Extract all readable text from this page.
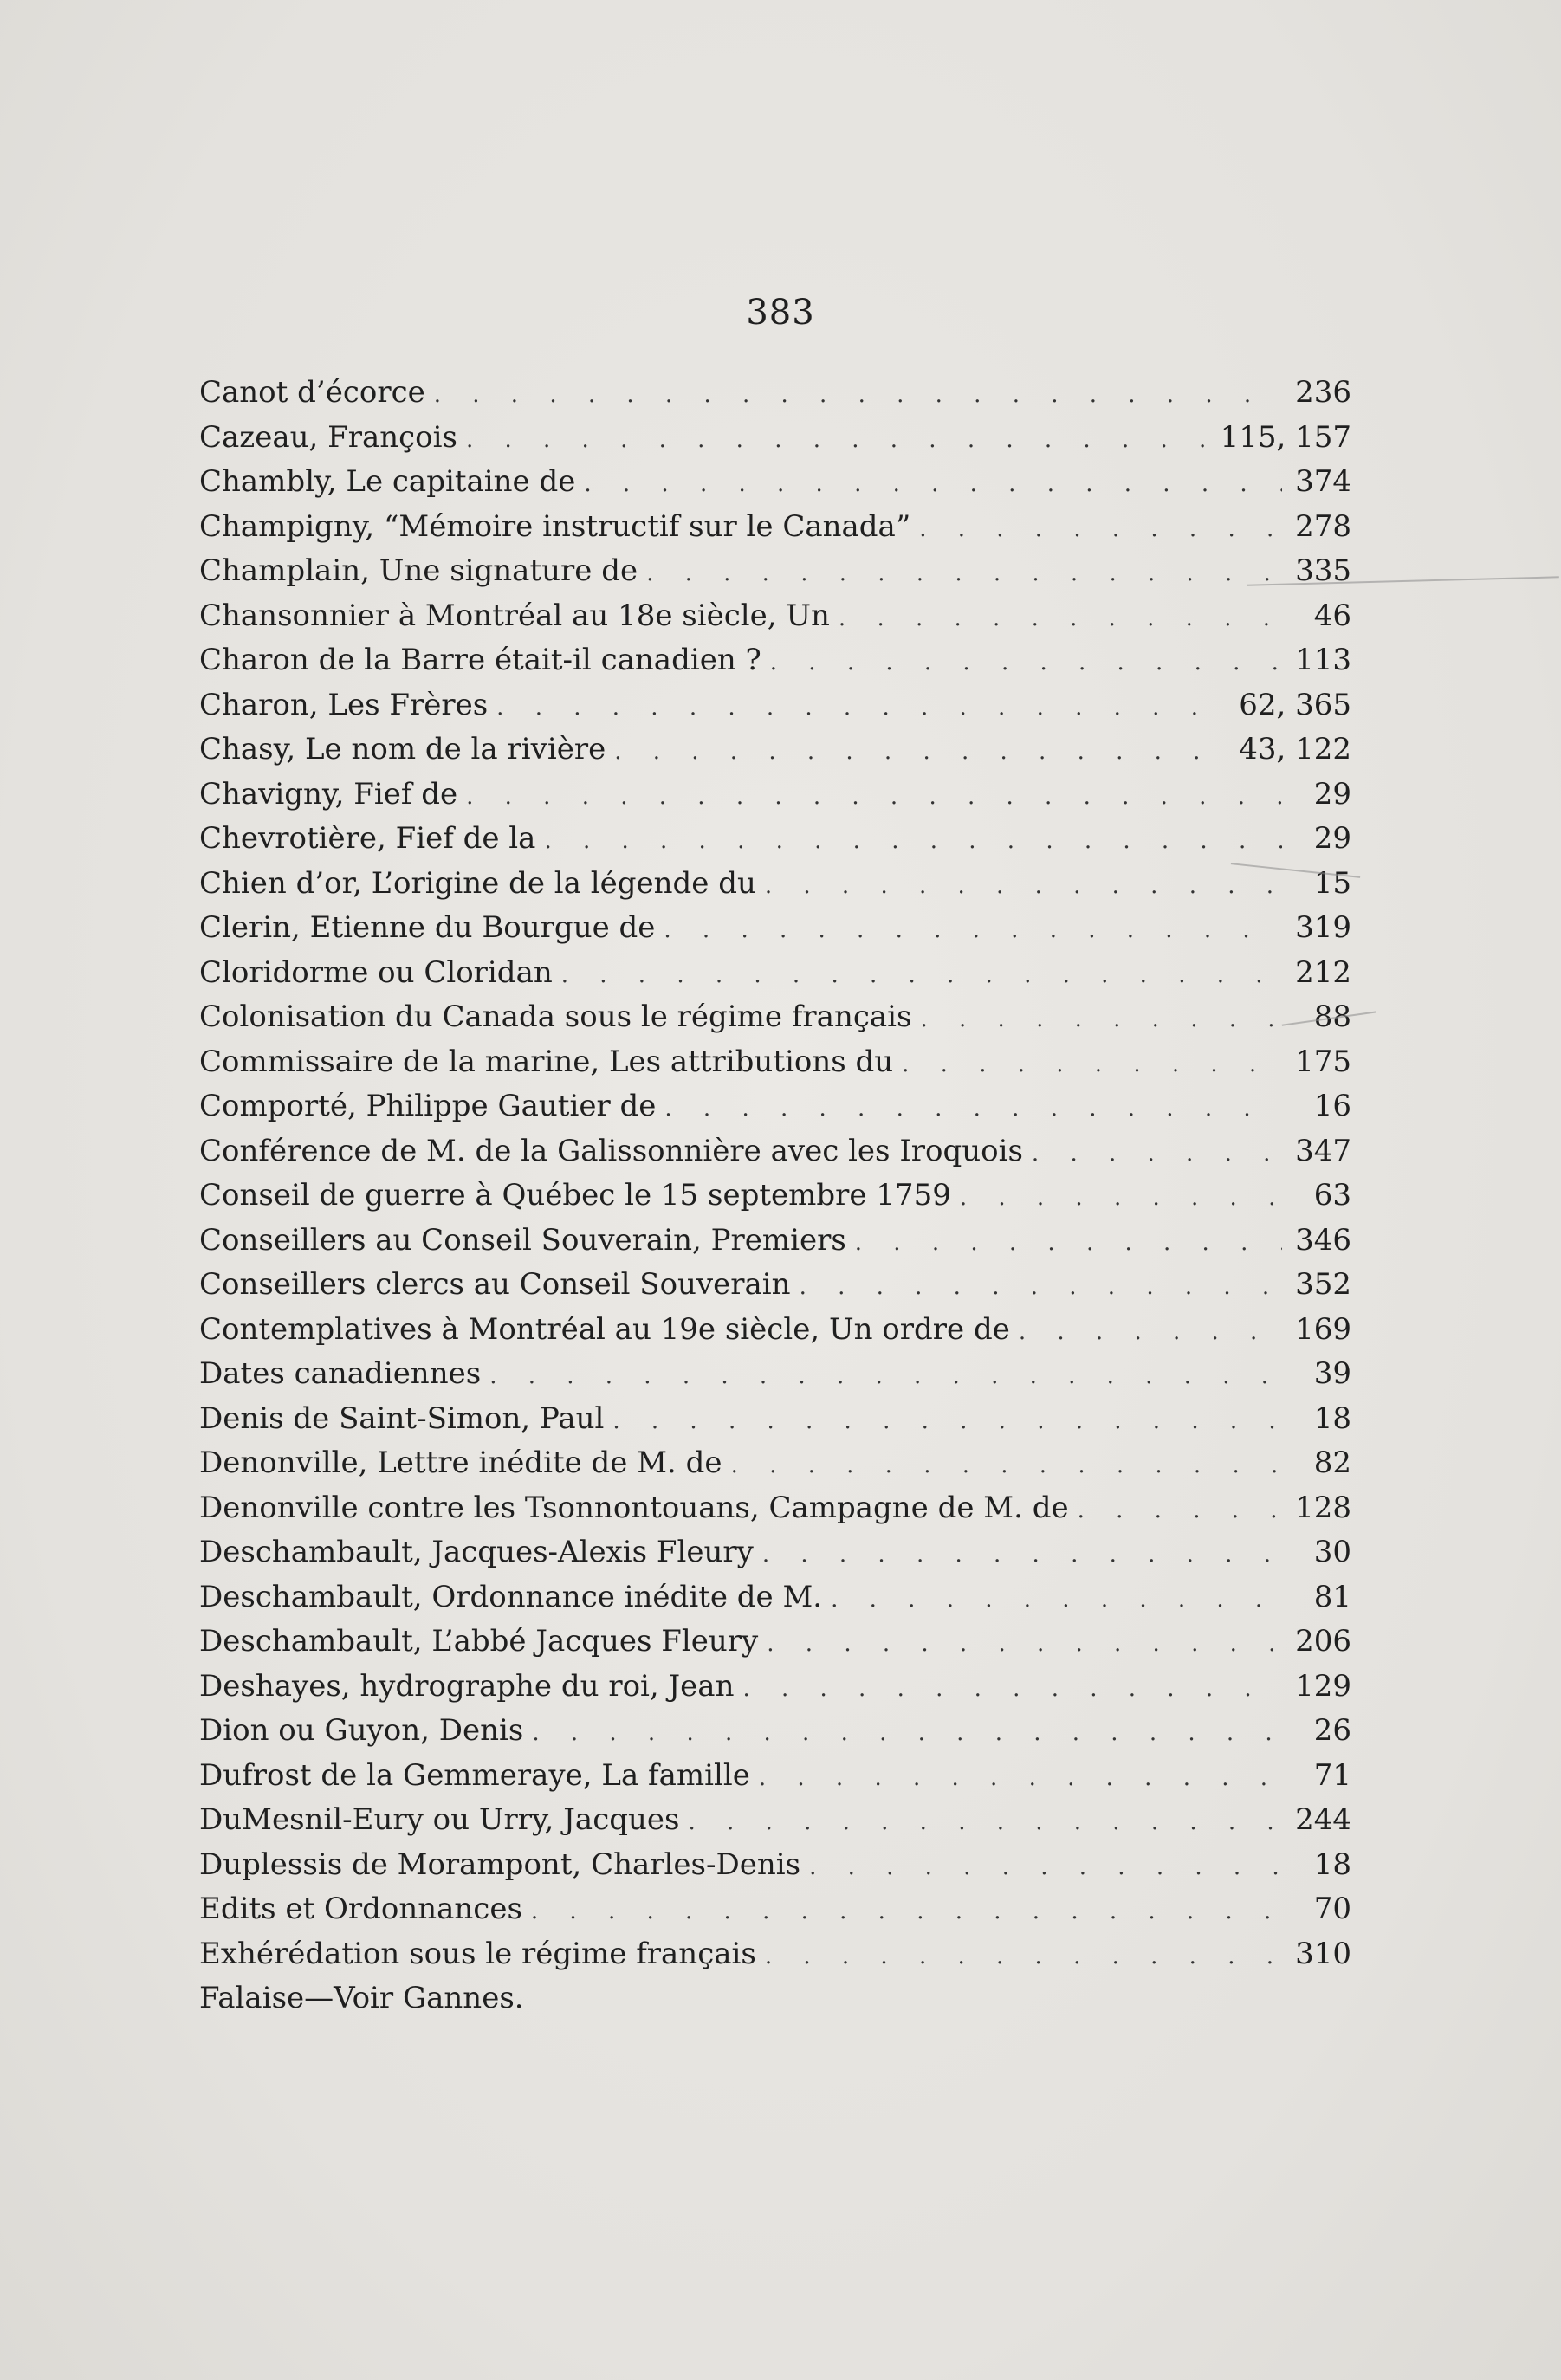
383
Canot d’écorce . . .	236
Cazeau, François . . .	115, 157
Chambly, Le capitaine de . . .	374
Champigny, “Mémoire instructif sur le Canada” . . .	278
Champlain, Une signature de . . .	335
Chansonnier à Montréal au 18e siècle, Un . . .	46
Charon de la Barre était-il canadien ? . . .	113
Charon, Les Frères . . .	62, 365
Chasy, Le nom de la rivière . . .	43, 122
Chavigny, Fief de . . .	29
Chevrotière, Fief de la . . .	29
Chien d’or, L’origine de la légende du . . .	15
Clerin, Etienne du Bourgue de . . .	319
Cloridorme ou Cloridan . . .	212
Colonisation du Canada sous le régime français . . .	88
Commissaire de la marine, Les attributions du . . .	175
Comporté, Philippe Gautier de . . .	16
Conférence de M. de la Galissonnière avec les Iroquois . . .	347
Conseil de guerre à Québec le 15 septembre 1759 . . .	63
Conseillers au Conseil Souverain, Premiers . . .	346
Conseillers clercs au Conseil Souverain . . .	352
Contemplatives à Montréal au 19e siècle, Un ordre de . . .	169
Dates canadiennes . . .	39
Denis de Saint-Simon, Paul . . .	18
Denonville, Lettre inédite de M. de . . .	82
Denonville contre les Tsonnontouans, Campagne de M. de . . .	128
Deschambault, Jacques-Alexis Fleury . . .	30
Deschambault, Ordonnance inédite de M. . . .	81
Deschambault, L’abbé Jacques Fleury . . .	206
Deshayes, hydrographe du roi, Jean . . .	129
Dion ou Guyon, Denis . . .	26
Dufrost de la Gemmeraye, La famille . . .	71
DuMesnil-Eury ou Urry, Jacques . . .	244
Duplessis de Morampont, Charles-Denis . . .	18
Edits et Ordonnances . . .	70
Exhérédation sous le régime français . . .	310
Falaise—Voir Gannes.
